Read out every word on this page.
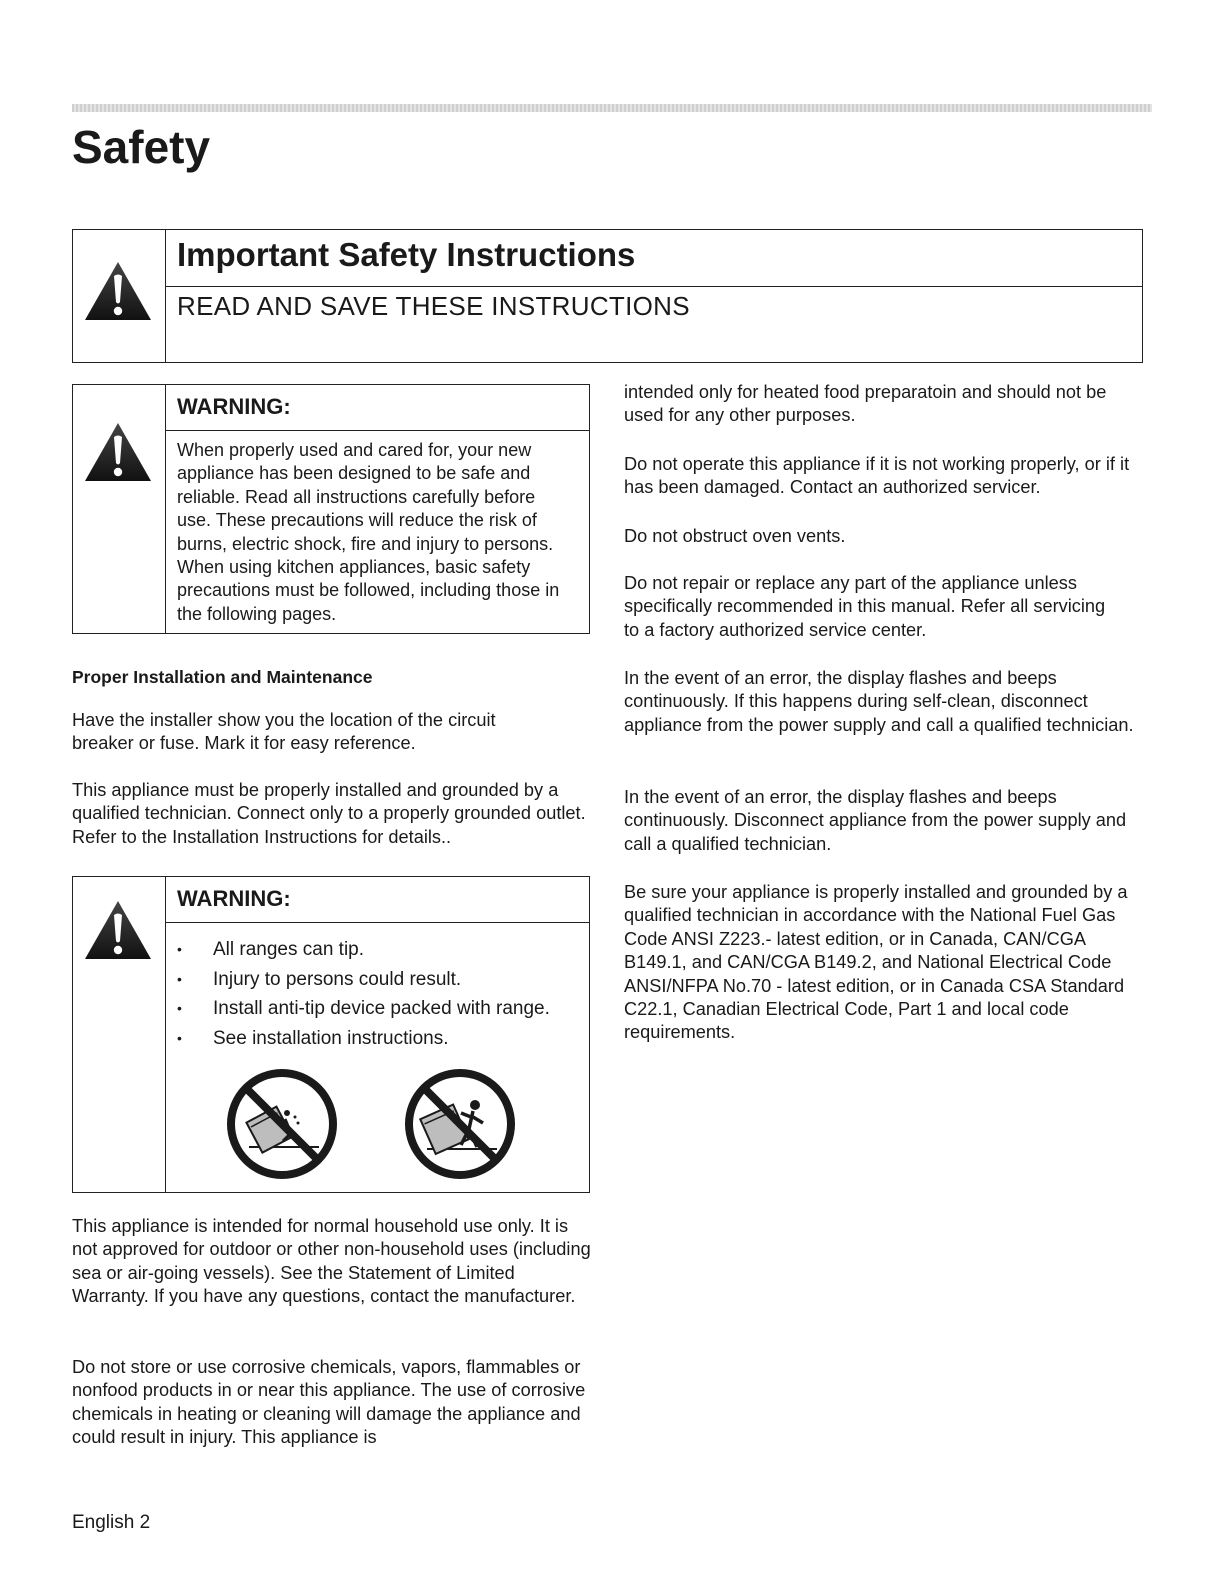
Safety
Important Safety Instructions
READ AND SAVE THESE INSTRUCTIONS
WARNING:

When properly used and cared for, your new appliance has been designed to be safe and reliable. Read all instructions carefully before use. These precautions will reduce the risk of burns, electric shock, fire and injury to persons. When using kitchen appliances, basic safety precautions must be followed, including those in the following pages.

Proper Installation and Maintenance

Have the installer show you the location of the circuit breaker or fuse. Mark it for easy reference.

This appliance must be properly installed and grounded by a qualified technician. Connect only to a properly grounded outlet. Refer to the Installation Instructions for details..

WARNING:
• All ranges can tip.
• Injury to persons could result.
• Install anti-tip device packed with range.
• See installation instructions.

This appliance is intended for normal household use only. It is not approved for outdoor or other non-household uses (including sea or air-going vessels). See the Statement of Limited Warranty. If you have any questions, contact the manufacturer.

Do not store or use corrosive chemicals, vapors, flammables or nonfood products in or near this appliance. The use of corrosive chemicals in heating or cleaning will damage the appliance and could result in injury. This appliance is

intended only for heated food preparatoin and should not be used for any other purposes.

Do not operate this appliance if it is not working properly, or if it has been damaged. Contact an authorized servicer.

Do not obstruct oven vents.

Do not repair or replace any part of the appliance unless specifically recommended in this manual. Refer all servicing to a factory authorized service center.

In the event of an error, the display flashes and beeps continuously. If this happens during self-clean, disconnect appliance from the power supply and call a qualified technician.

In the event of an error, the display flashes and beeps continuously. Disconnect appliance from the power supply and call a qualified technician.

Be sure your appliance is properly installed and grounded by a qualified technician in accordance with the National Fuel Gas Code ANSI Z223.- latest edition, or in Canada, CAN/CGA B149.1, and CAN/CGA B149.2, and National Electrical Code ANSI/NFPA No.70 - latest edition, or in Canada CSA Standard C22.1, Canadian Electrical Code, Part 1 and local code requirements.

English 2
